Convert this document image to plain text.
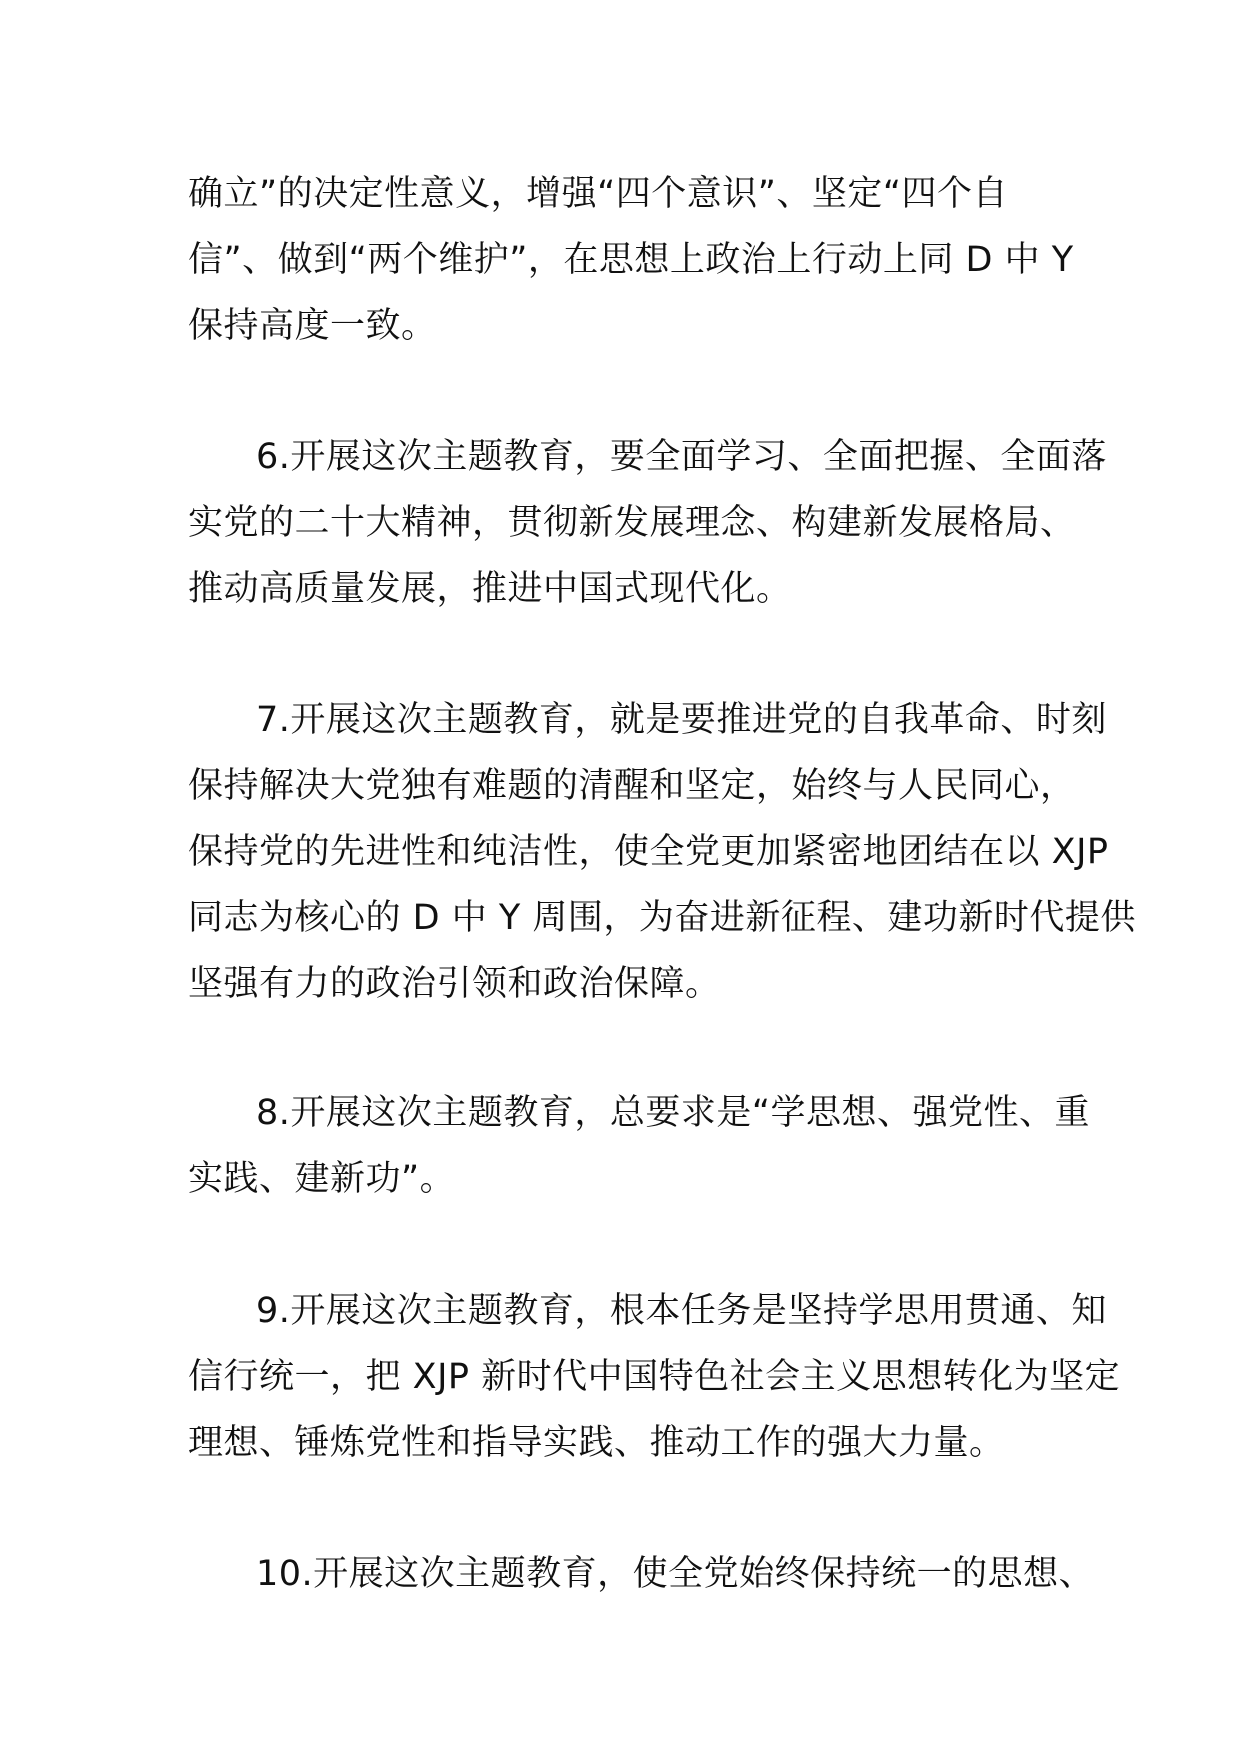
确立”的决定性意义，增强“四个意识”、坚定“四个自
信”、做到“两个维护”，在思想上政治上行动上同 D 中 Y
保持高度一致。

6.开展这次主题教育，要全面学习、全面把握、全面落
实党的二十大精神，贯彻新发展理念、构建新发展格局、
推动高质量发展，推进中国式现代化。

7.开展这次主题教育，就是要推进党的自我革命、时刻
保持解决大党独有难题的清醒和坚定，始终与人民同心，
保持党的先进性和纯洁性，使全党更加紧密地团结在以 XJP
同志为核心的 D 中 Y 周围，为奋进新征程、建功新时代提供
坚强有力的政治引领和政治保障。

8.开展这次主题教育，总要求是“学思想、强党性、重
实践、建新功”。

9.开展这次主题教育，根本任务是坚持学思用贯通、知
信行统一，把 XJP 新时代中国特色社会主义思想转化为坚定
理想、锤炼党性和指导实践、推动工作的强大力量。

10.开展这次主题教育，使全党始终保持统一的思想、
